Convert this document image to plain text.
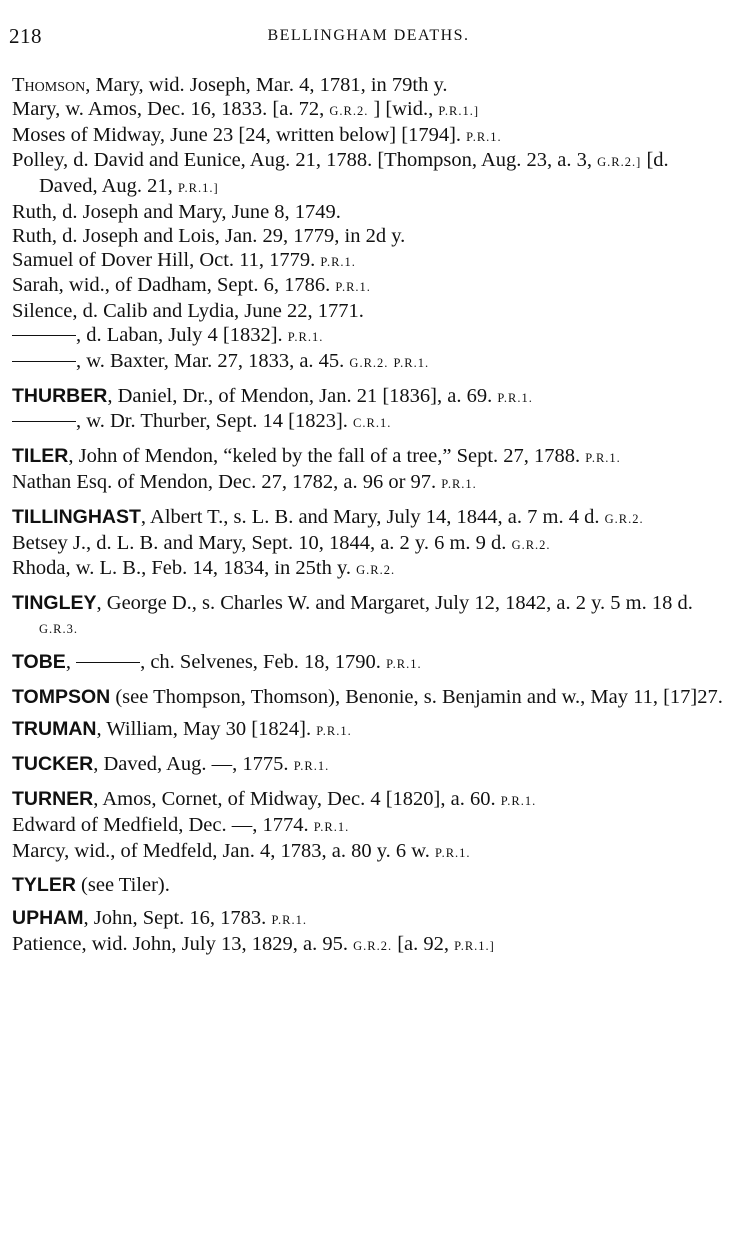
218	BELLINGHAM DEATHS.
Thomson, Mary, wid. Joseph, Mar. 4, 1781, in 79th y.
Mary, w. Amos, Dec. 16, 1833. [a. 72, G.R.2. ] [wid., P.R.1.]
Moses of Midway, June 23 [24, written below] [1794]. P.R.1.
Polley, d. David and Eunice, Aug. 21, 1788. [Thompson, Aug. 23, a. 3, G.R.2.] [d. Daved, Aug. 21, P.R.1.]
Ruth, d. Joseph and Mary, June 8, 1749.
Ruth, d. Joseph and Lois, Jan. 29, 1779, in 2d y.
Samuel of Dover Hill, Oct. 11, 1779. P.R.1.
Sarah, wid., of Dadham, Sept. 6, 1786. P.R.1.
Silence, d. Calib and Lydia, June 22, 1771.
, d. Laban, July 4 [1832]. P.R.1.
, w. Baxter, Mar. 27, 1833, a. 45. G.R.2. P.R.1.
THURBER, Daniel, Dr., of Mendon, Jan. 21 [1836], a. 69. P.R.1.
, w. Dr. Thurber, Sept. 14 [1823]. C.R.1.
TILER, John of Mendon, “keled by the fall of a tree,” Sept. 27, 1788. P.R.1.
Nathan Esq. of Mendon, Dec. 27, 1782, a. 96 or 97. P.R.1.
TILLINGHAST, Albert T., s. L. B. and Mary, July 14, 1844, a. 7 m. 4 d. G.R.2.
Betsey J., d. L. B. and Mary, Sept. 10, 1844, a. 2 y. 6 m. 9 d. G.R.2.
Rhoda, w. L. B., Feb. 14, 1834, in 25th y. G.R.2.
TINGLEY, George D., s. Charles W. and Margaret, July 12, 1842, a. 2 y. 5 m. 18 d. G.R.3.
TOBE,	, ch. Selvenes, Feb. 18, 1790. P.R.1.
TOMPSON (see Thompson, Thomson), Benonie, s. Benjamin and w., May 11, [17]27.
TRUMAN, William, May 30 [1824]. P.R.1.
TUCKER, Daved, Aug. —, 1775. P.R.1.
TURNER, Amos, Cornet, of Midway, Dec. 4 [1820], a. 60. P.R.1.
Edward of Medfield, Dec. —, 1774. P.R.1.
Marcy, wid., of Medfeld, Jan. 4, 1783, a. 80 y. 6 w. P.R.1.
TYLER (see Tiler).
UPHAM, John, Sept. 16, 1783. P.R.1.
Patience, wid. John, July 13, 1829, a. 95. G.R.2. [a. 92, P.R.1.]
